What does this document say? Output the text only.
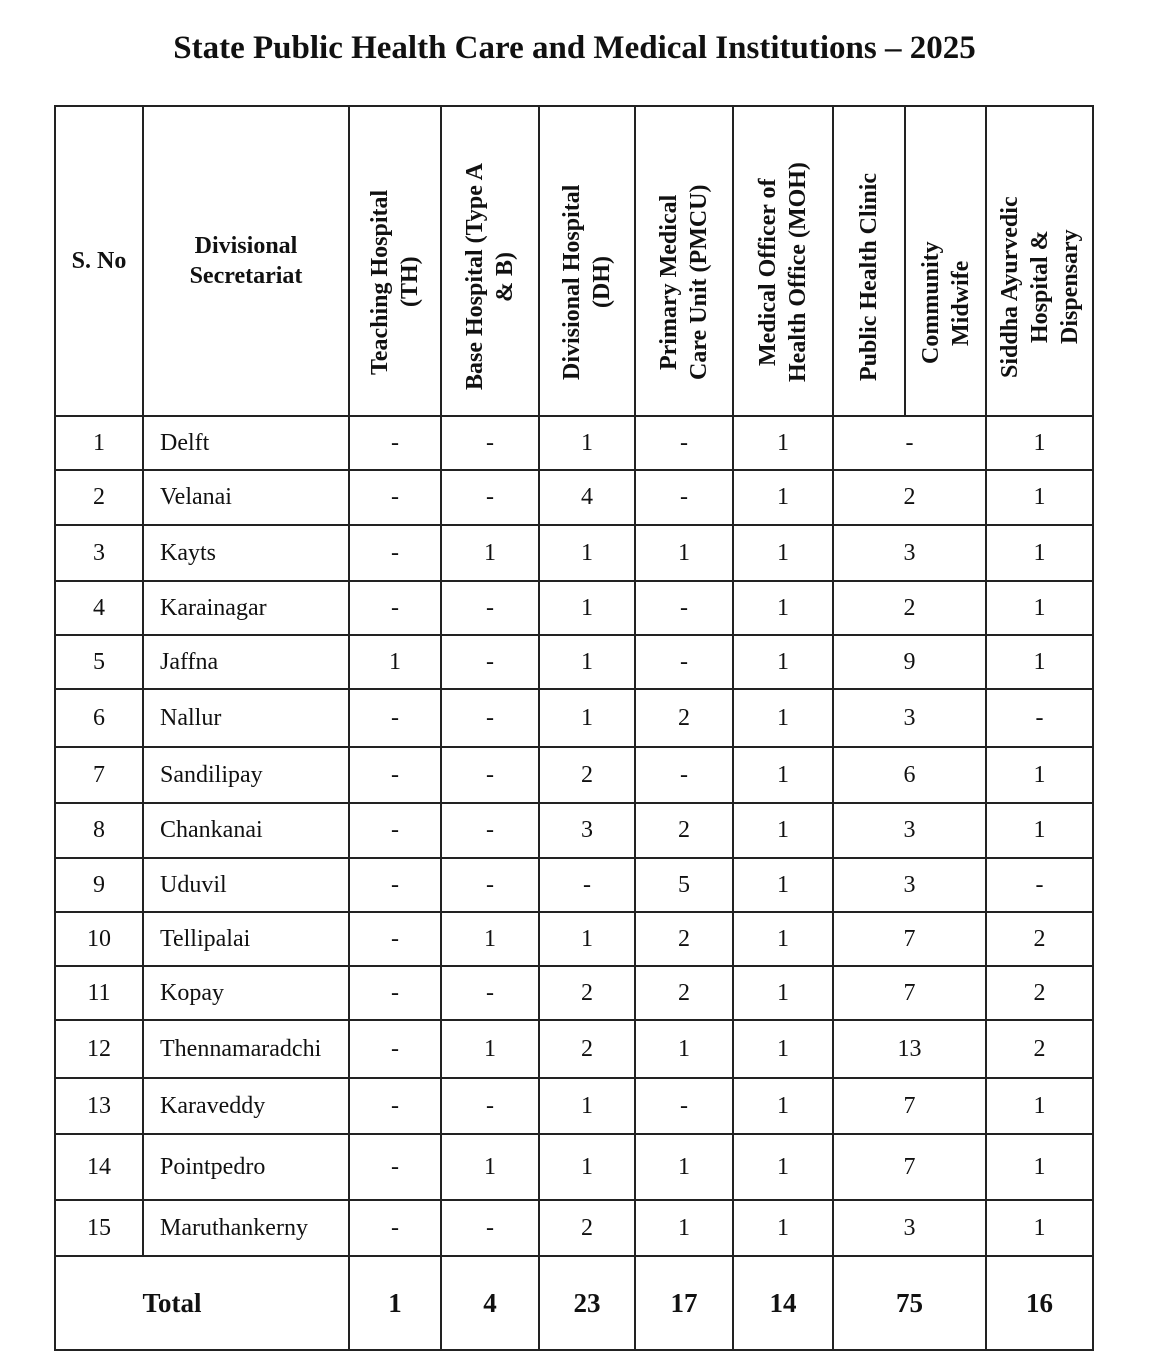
State Public Health Care and Medical Institutions – 2025
S. No	Divisional Secretariat	Teaching Hospital (TH)	Base Hospital (Type A & B)	Divisional Hospital (DH)	Primary Medical Care Unit (PMCU)	Medical Officer of Health Office (MOH)	Public Health Clinic	Community Midwife	Siddha Ayurvedic Hospital & Dispensary
1	Delft	-	-	1	-	1	-		1
2	Velanai	-	-	4	-	1	2		1
3	Kayts	-	1	1	1	1	3		1
4	Karainagar	-	-	1	-	1	2		1
5	Jaffna	1	-	1	-	1	9		1
6	Nallur	-	-	1	2	1	3		-
7	Sandilipay	-	-	2	-	1	6		1
8	Chankanai	-	-	3	2	1	3		1
9	Uduvil	-	-	-	5	1	3		-
10	Tellipalai	-	1	1	2	1	7		2
11	Kopay	-	-	2	2	1	7		2
12	Thennamaradchi	-	1	2	1	1	13		2
13	Karaveddy	-	-	1	-	1	7		1
14	Pointpedro	-	1	1	1	1	7		1
15	Maruthankerny	-	-	2	1	1	3		1
Total		1	4	23	17	14	75		16
